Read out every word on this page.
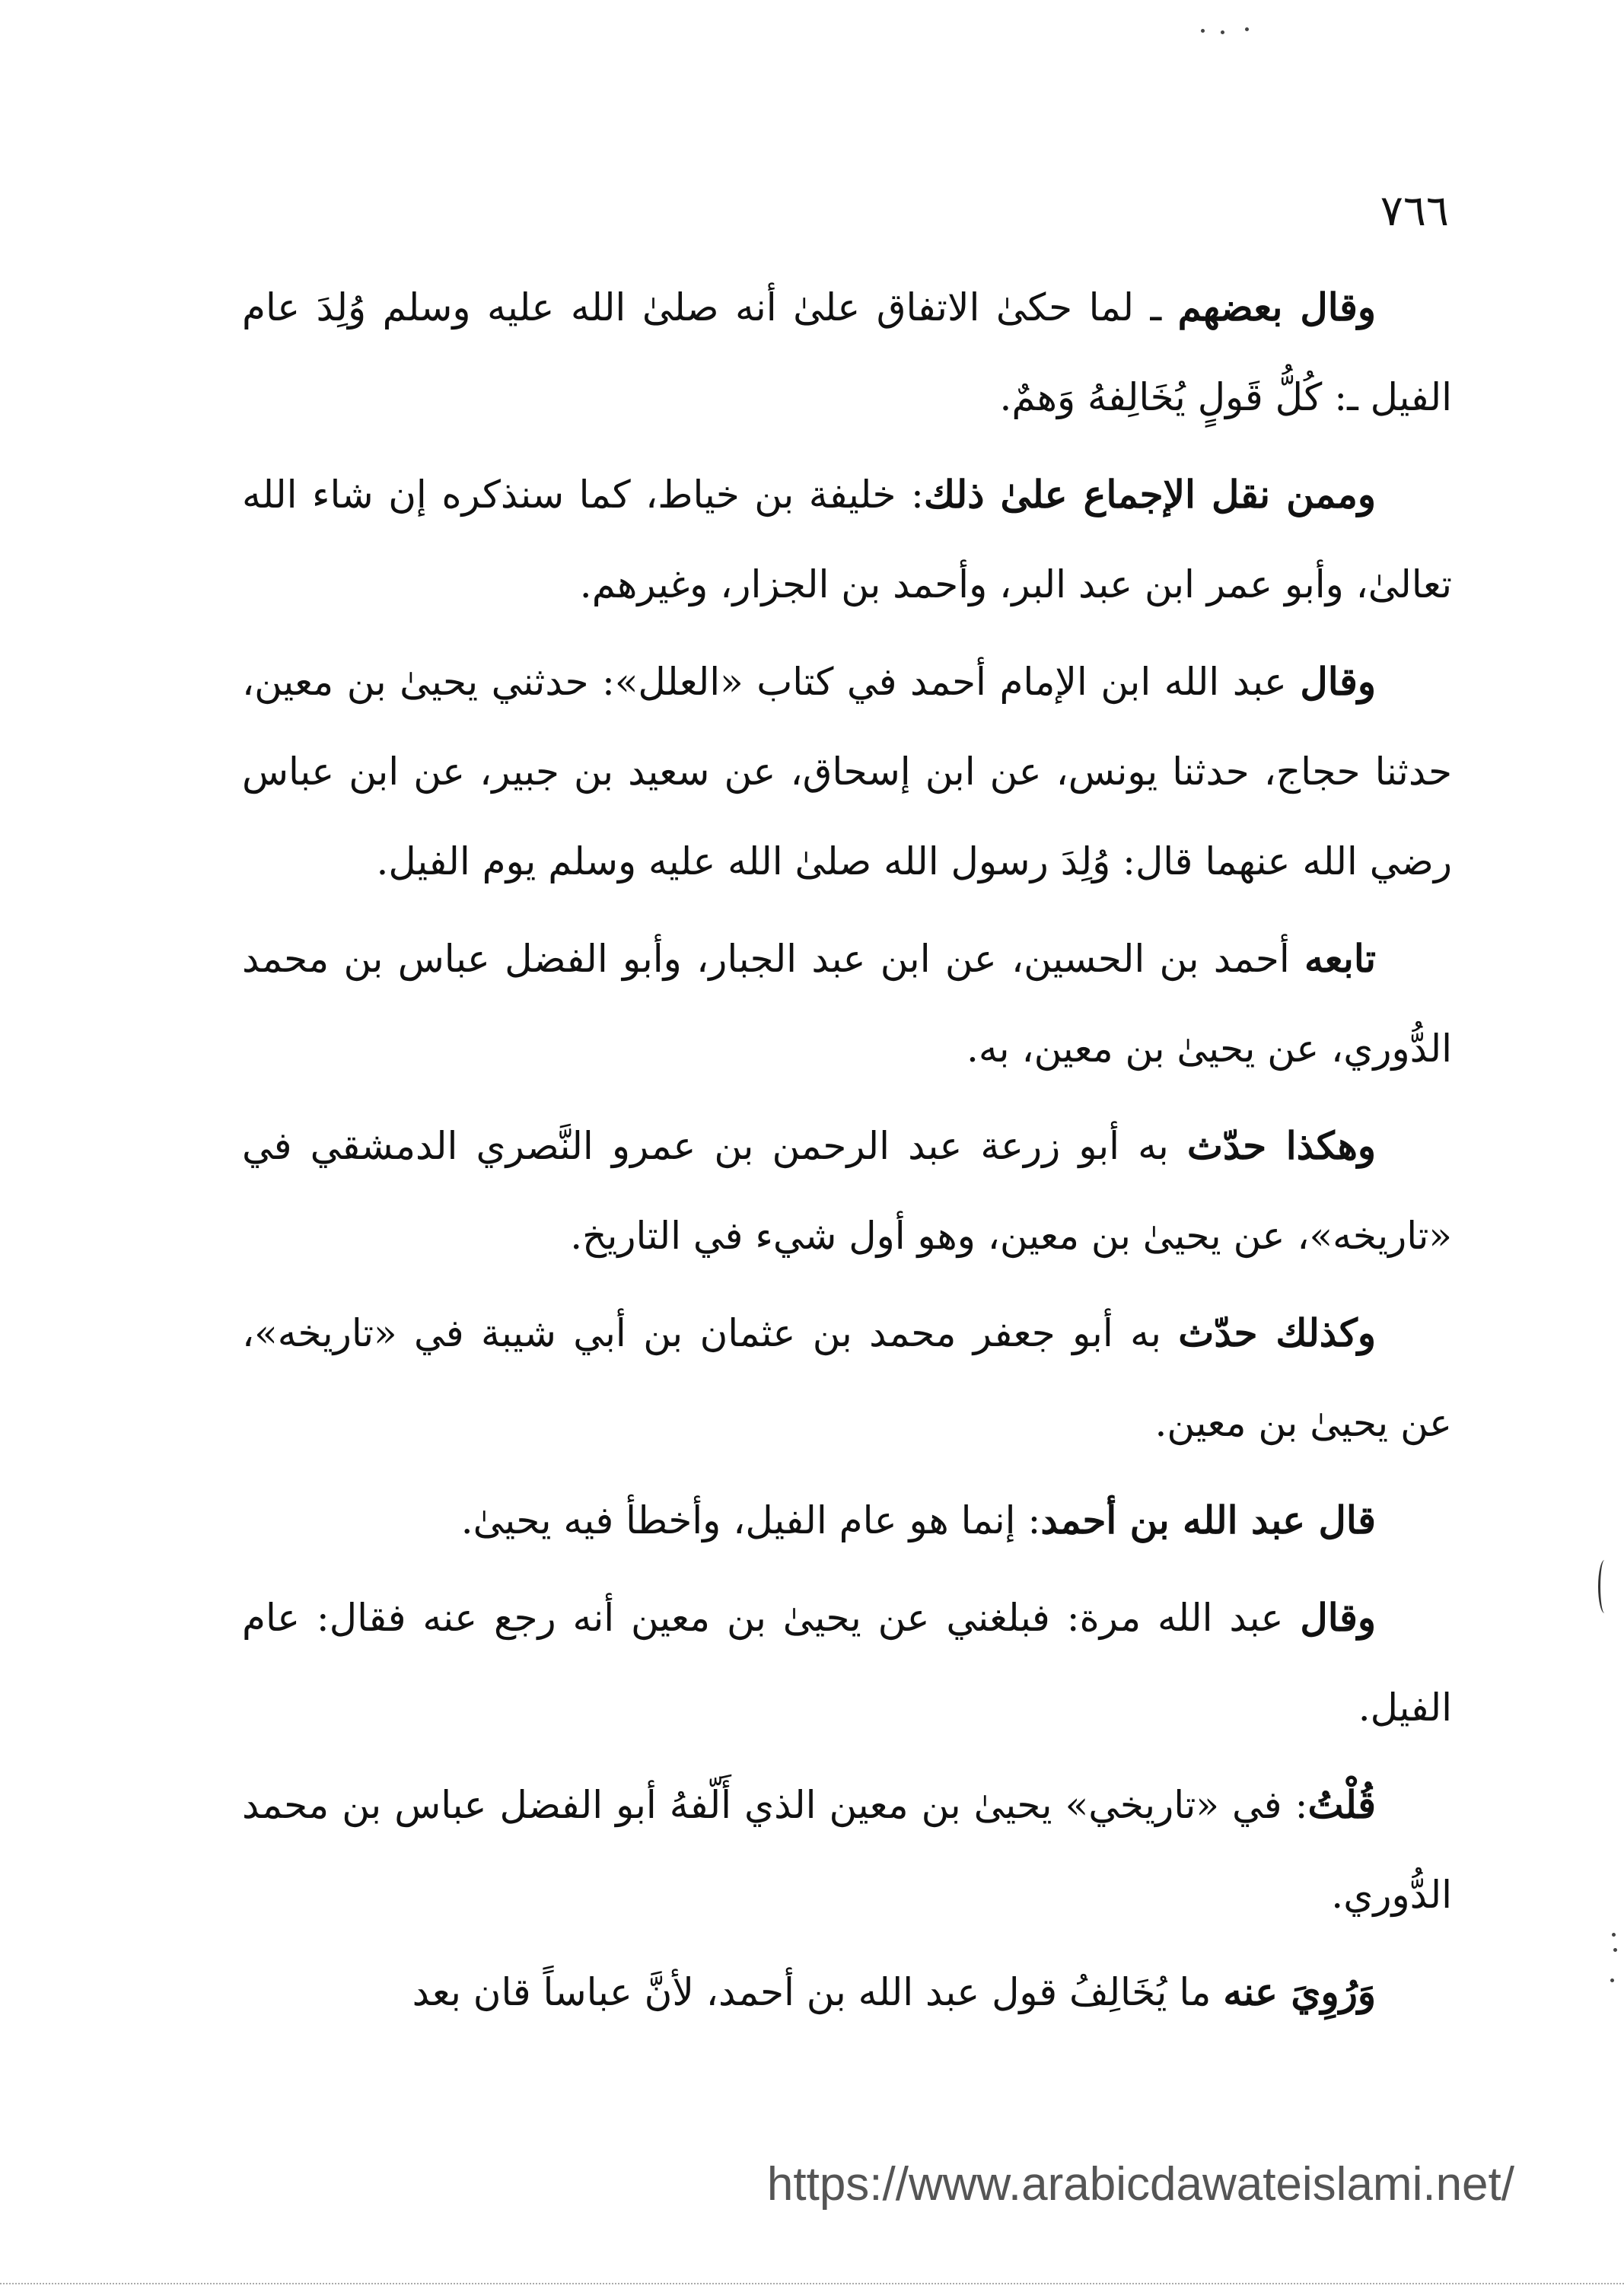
٧٦٦

وقال بعضهم ـ لما حكىٰ الاتفاق علىٰ أنه صلىٰ الله عليه وسلم وُلِدَ عام الفيل ـ: كُلُّ قَولٍ يُخَالِفهُ وَهمٌ.

وممن نقل الإجماع علىٰ ذلك: خليفة بن خياط، كما سنذكره إن شاء الله تعالىٰ، وأبو عمر ابن عبد البر، وأحمد بن الجزار، وغيرهم.

وقال عبد الله ابن الإمام أحمد في كتاب «العلل»: حدثني يحيىٰ بن معين، حدثنا حجاج، حدثنا يونس، عن ابن إسحاق، عن سعيد بن جبير، عن ابن عباس رضي الله عنهما قال: وُلِدَ رسول الله صلىٰ الله عليه وسلم يوم الفيل.

تابعه أحمد بن الحسين، عن ابن عبد الجبار، وأبو الفضل عباس بن محمد الدُّوري، عن يحيىٰ بن معين، به.

وهكذا حدّث به أبو زرعة عبد الرحمن بن عمرو النَّصري الدمشقي في «تاريخه»، عن يحيىٰ بن معين، وهو أول شيء في التاريخ.

وكذلك حدّث به أبو جعفر محمد بن عثمان بن أبي شيبة في «تاريخه»، عن يحيىٰ بن معين.

قال عبد الله بن أحمد: إنما هو عام الفيل، وأخطأ فيه يحيىٰ.

وقال عبد الله مرة: فبلغني عن يحيىٰ بن معين أنه رجع عنه فقال: عام الفيل.

قُلْتُ: في «تاريخي» يحيىٰ بن معين الذي أَلّفهُ أبو الفضل عباس بن محمد الدُّوري.

وَرُوِيَ عنه ما يُخَالِفُ قول عبد الله بن أحمد، لأنَّ عباساً قان بعد

https://www.arabicdawateislami.net/
